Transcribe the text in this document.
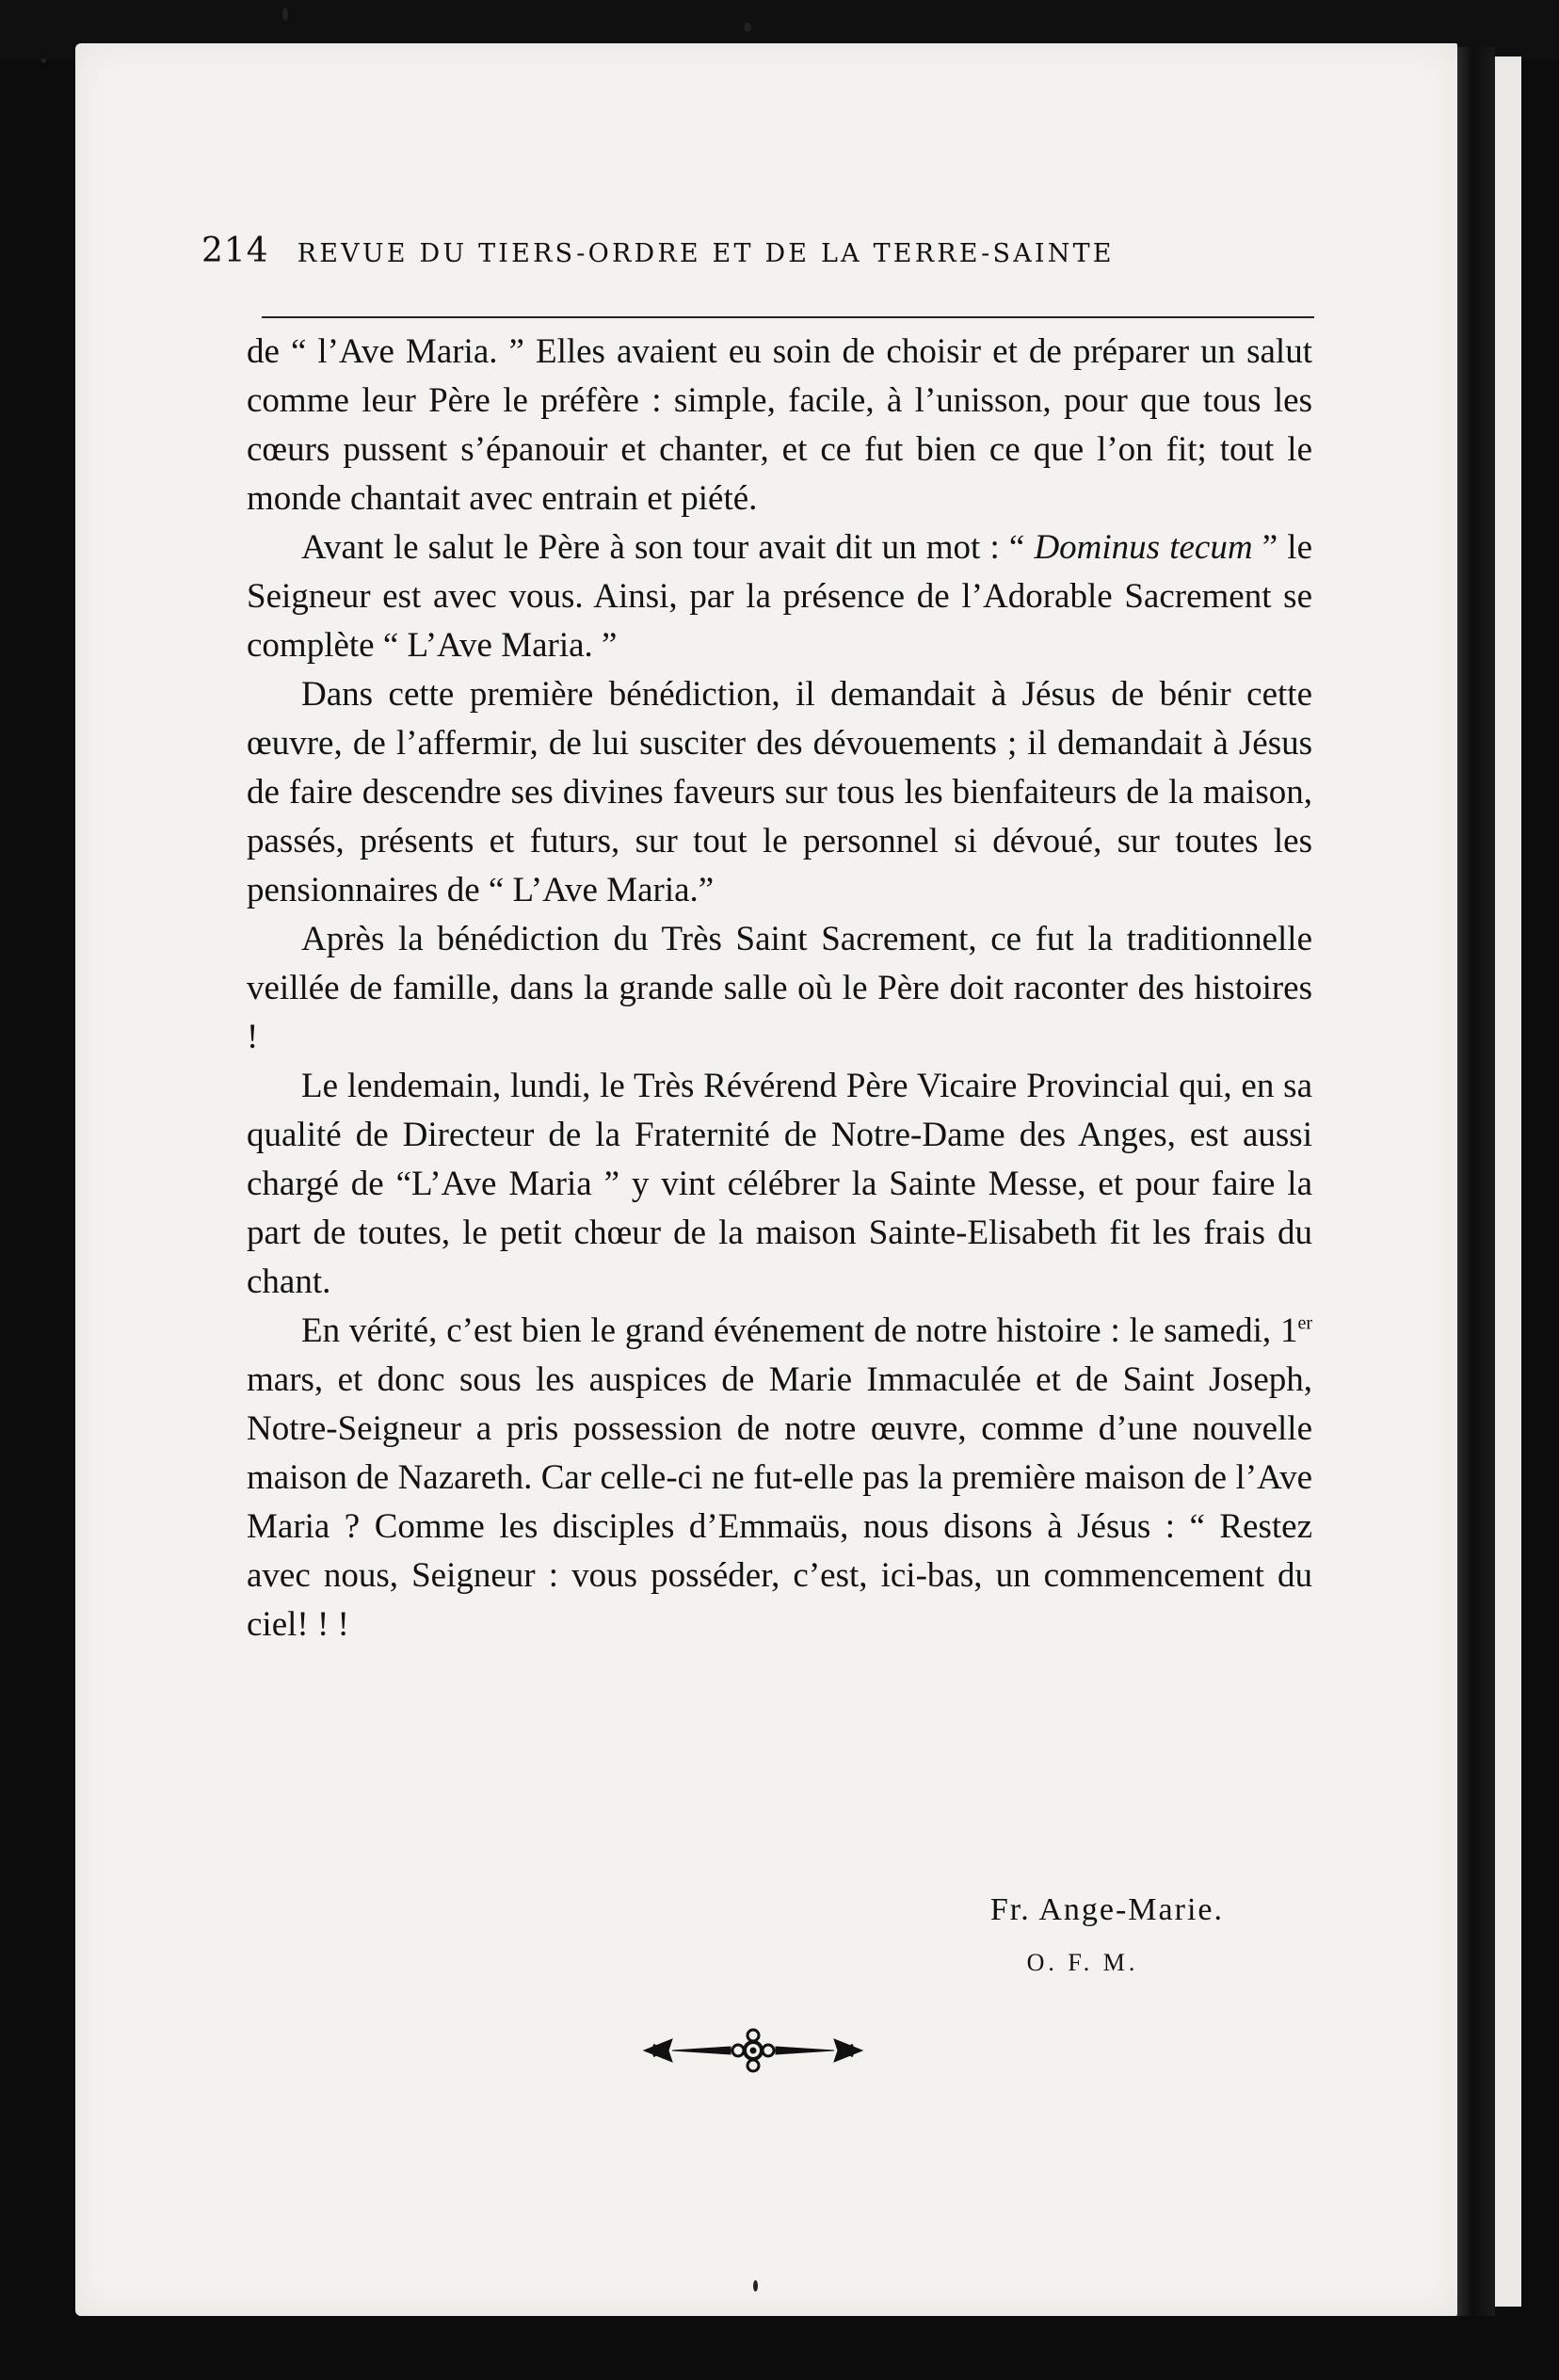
214 REVUE DU TIERS-ORDRE ET DE LA TERRE-SAINTE

de “ l’Ave Maria. ” Elles avaient eu soin de choisir et de préparer un salut comme leur Père le préfère : simple, facile, à l’unisson, pour que tous les cœurs pussent s’épanouir et chanter, et ce fut bien ce que l’on fit; tout le monde chantait avec entrain et piété.

Avant le salut le Père à son tour avait dit un mot : “ Dominus tecum ” le Seigneur est avec vous. Ainsi, par la présence de l’Adorable Sacrement se complète “ L’Ave Maria. ”

Dans cette première bénédiction, il demandait à Jésus de bénir cette œuvre, de l’affermir, de lui susciter des dévouements ; il demandait à Jésus de faire descendre ses divines faveurs sur tous les bienfaiteurs de la maison, passés, présents et futurs, sur tout le personnel si dévoué, sur toutes les pensionnaires de “ L’Ave Maria.”

Après la bénédiction du Très Saint Sacrement, ce fut la traditionnelle veillée de famille, dans la grande salle où le Père doit raconter des histoires !

Le lendemain, lundi, le Très Révérend Père Vicaire Provincial qui, en sa qualité de Directeur de la Fraternité de Notre-Dame des Anges, est aussi chargé de “L’Ave Maria ” y vint célébrer la Sainte Messe, et pour faire la part de toutes, le petit chœur de la maison Sainte-Elisabeth fit les frais du chant.

En vérité, c’est bien le grand événement de notre histoire : le samedi, 1er mars, et donc sous les auspices de Marie Immaculée et de Saint Joseph, Notre-Seigneur a pris possession de notre œuvre, comme d’une nouvelle maison de Nazareth. Car celle-ci ne fut-elle pas la première maison de l’Ave Maria ? Comme les disciples d’Emmaüs, nous disons à Jésus : “ Restez avec nous, Seigneur : vous posséder, c’est, ici-bas, un commencement du ciel! ! !

Fr. Ange-Marie.
O. F. M.
